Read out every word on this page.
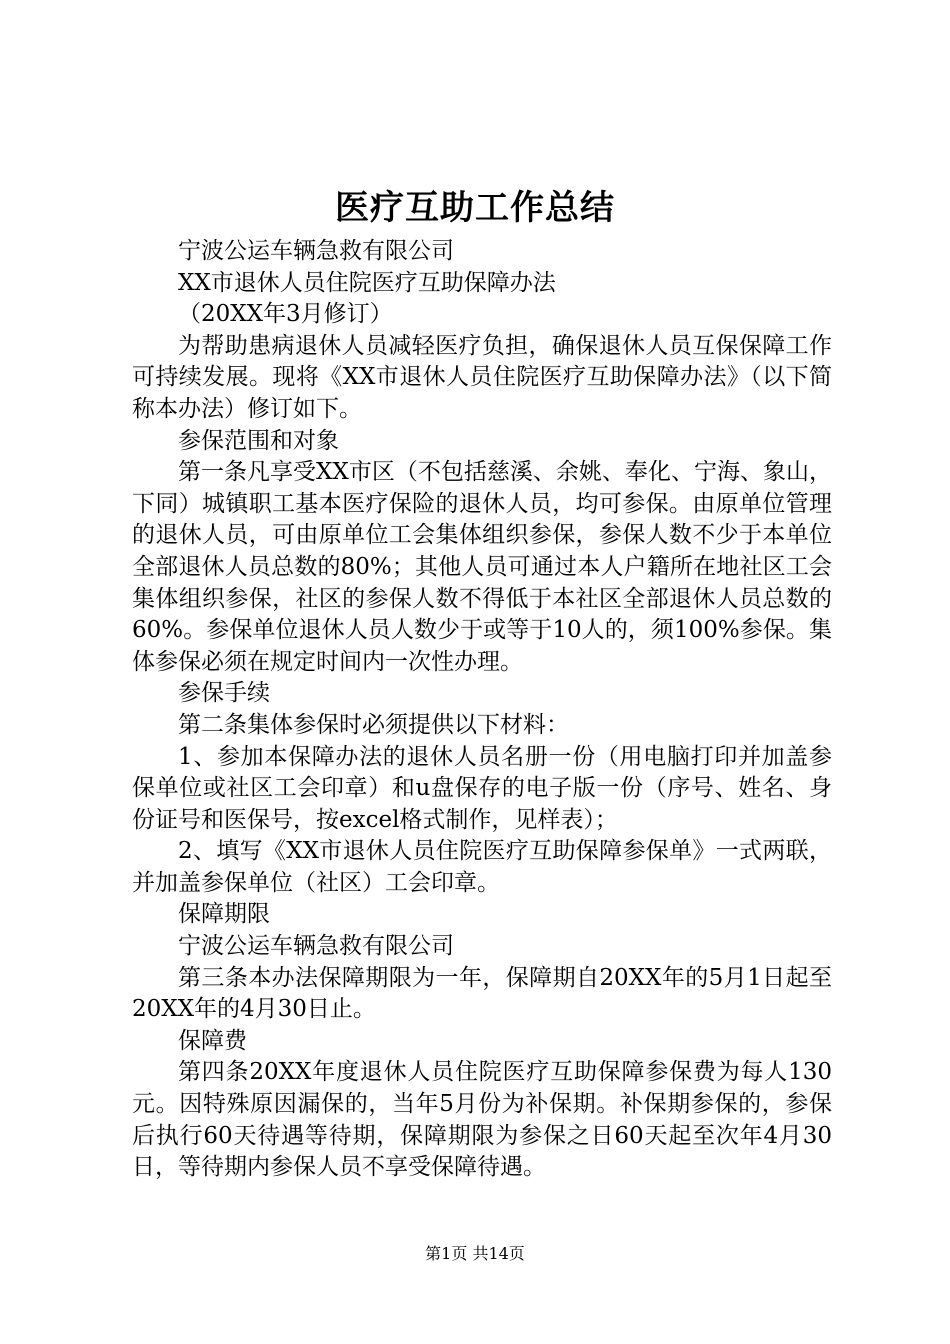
医疗互助工作总结

宁波公运车辆急救有限公司

XX市退休人员住院医疗互助保障办法

（20XX年3月修订）

为帮助患病退休人员减轻医疗负担，确保退休人员互保保障工作可持续发展。现将《XX市退休人员住院医疗互助保障办法》（以下简称本办法）修订如下。

参保范围和对象

第一条凡享受XX市区（不包括慈溪、余姚、奉化、宁海、象山，下同）城镇职工基本医疗保险的退休人员，均可参保。由原单位管理的退休人员，可由原单位工会集体组织参保，参保人数不少于本单位全部退休人员总数的80%；其他人员可通过本人户籍所在地社区工会集体组织参保，社区的参保人数不得低于本社区全部退休人员总数的60%。参保单位退休人员人数少于或等于10人的，须100%参保。集体参保必须在规定时间内一次性办理。

参保手续

第二条集体参保时必须提供以下材料：

1、参加本保障办法的退休人员名册一份（用电脑打印并加盖参保单位或社区工会印章）和u盘保存的电子版一份（序号、姓名、身份证号和医保号，按excel格式制作，见样表）；

2、填写《XX市退休人员住院医疗互助保障参保单》一式两联，并加盖参保单位（社区）工会印章。

保障期限

宁波公运车辆急救有限公司

第三条本办法保障期限为一年，保障期自20XX年的5月1日起至20XX年的4月30日止。

保障费

第四条20XX年度退休人员住院医疗互助保障参保费为每人130元。因特殊原因漏保的，当年5月份为补保期。补保期参保的，参保后执行60天待遇等待期，保障期限为参保之日60天起至次年4月30日，等待期内参保人员不享受保障待遇。

第1页 共14页
